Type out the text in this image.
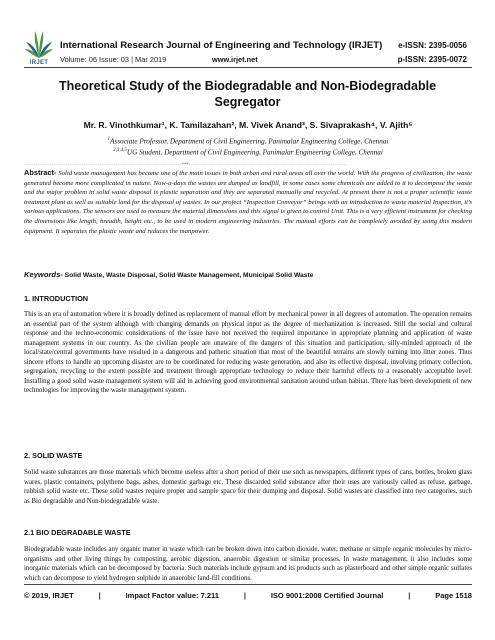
IRJET
International Research Journal of Engineering and Technology (IRJET) e-ISSN: 2395-0056
Volume: 06 Issue: 03 | Mar 2019	www.irjet.net	p-ISSN: 2395-0072
Theoretical Study of the Biodegradable and Non-Biodegradable Segregator
Mr. R. Vinothkumar¹, K. Tamilazahan², M. Vivek Anand³, S. Sivaprakash⁴, V. Ajith⁵
$^1$Associate Professor, Department of Civil Engineering, Panimalar Engineering College, Chennai
$^{2,3,4,5}$UG Student, Department of Civil Engineering, Panimalar Engineering College, Chennai
---------------------------------------------------------------------***---------------------------------------------------------------------
Abstract- Solid waste management has become one of the main issues in both urban and rural areas all over the world. With the progress of civilization, the waste generated become more complicated in nature. Now-a-days the wastes are dumped as landfill, in some cases some chemicals are added to it to decompose the waste and the major problem in solid waste disposal is plastic separation and they are separated manually and recycled. At present there is not a proper scientific waste treatment plant as well as suitable land for the disposal of wastes. In our project “Inspection Conveyor” beings with an introduction to waste material Inspection, it’s various applications. The sensors are used to measure the material dimensions and this signal is given to control Unit. This is a very efficient instrument for checking the dimensions like length, breadth, height etc., to be used in modern engineering industries. The manual efforts can be completely avoided by using this modern equipment. It separates the plastic waste and reduces the manpower.
Keywords- Solid Waste, Waste Disposal, Solid Waste Management, Municipal Solid Waste
1. INTRODUCTION
This is an era of automation where it is broadly defined as replacement of manual effort by mechanical power in all degrees of automation. The operation remains an essential part of the system although with changing demands on physical input as the degree of mechanization is increased. Still the social and cultural response and the techno-economic considerations of the issue have not received the required importance in appropriate planning and application of waste management systems in our country. As the civilian people are unaware of the dangers of this situation and participation, silly-minded approach of the local/state/central governments have resulted in a dangerous and pathetic situation that most of the beautiful terrains are slowly turning into litter zones. Thus sincere efforts to handle an upcoming disaster are to be coordinated for reducing waste generation, and also its effective disposal, involving primary collection, segregation, recycling to the extent possible and treatment through appropriate technology to reduce their harmful effects to a reasonably acceptable level. Installing a good solid waste management system will aid in achieving good environmental sanitation around urban habitat. There has been development of new technologies for improving the waste management system.
2. SOLID WASTE
Solid waste substances are those materials which become useless after a short period of their use such as newspapers, different types of cans, bottles, broken glass wares, plastic containers, polythene bags, ashes, domestic garbage etc. These discarded solid substance after their uses are variously called as refuse, garbage, rubbish solid waste etc. These solid wastes require proper and sample space for their dumping and disposal. Solid wastes are classified into two categories, such as Bio degradable and Non-biodegradable waste.
2.1 BIO DEGRADABLE WASTE
Biodegradable waste includes any organic matter in waste which can be broken down into carbon dioxide, water, methane or simple organic molecules by micro-organisms and other living things by composting, aerobic digestion, anaerobic digestion or similar processes. In waste management, it also includes some inorganic materials which can be decomposed by bacteria. Such materials include gypsum and its products such as plasterboard and other simple organic sulfates which can decompose to yield hydrogen sulphide in anaerobic land-fill conditions.
© 2019, IRJET	|	Impact Factor value: 7.211	|	ISO 9001:2008 Certified Journal	|	Page 1518
